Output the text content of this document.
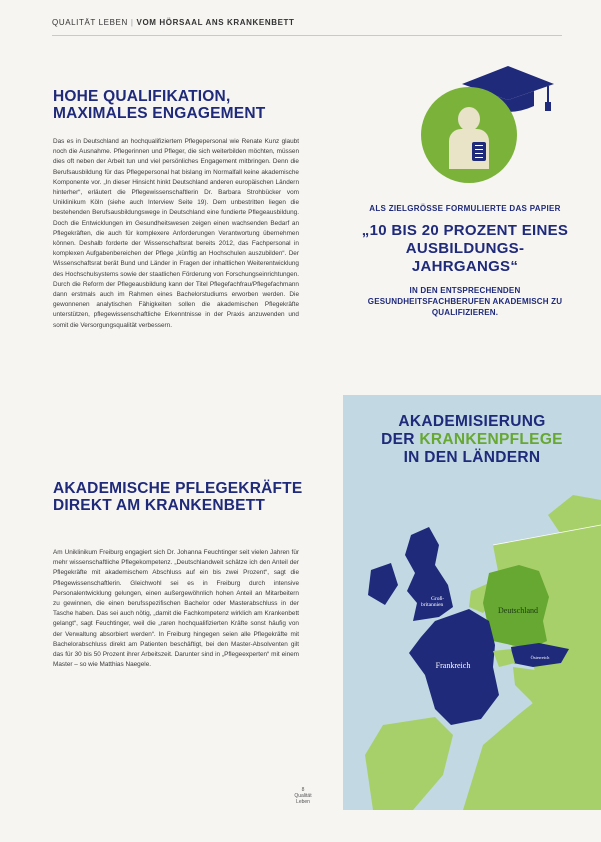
QUALITÄT LEBEN | VOM HÖRSAAL ANS KRANKENBETT
HOHE QUALIFIKATION, MAXIMALES ENGAGEMENT
Das es in Deutschland an hochqualifiziertem Pflegepersonal wie Renate Kunz glaubt noch die Ausnahme. Pflegerinnen und Pfleger, die sich weiterbilden möchten, müssen dies oft neben der Arbeit tun und viel persönliches Engagement mitbringen. Denn die Berufsausbildung für das Pflegepersonal hat bislang im Normalfall keine akademische Komponente vor. „In dieser Hinsicht hinkt Deutschland anderen europäischen Ländern hinterher“, erläutert die Pflegewissenschaftlerin Dr. Barbara Strohbücker vom Uniklinikum Köln (siehe auch Interview Seite 19). Dem unbestritten liegen die bestehenden Berufsausbildungswege in Deutschland eine fundierte Pflegeausbildung. Doch die Entwicklungen im Gesundheitswesen zeigen einen wachsenden Bedarf an Pflegekräften, die auch für komplexere Anforderungen Verantwortung übernehmen können. Deshalb forderte der Wissenschaftsrat bereits 2012, das Fachpersonal in komplexen Aufgabenbereichen der Pflege „künftig an Hochschulen auszubilden“. Der Wissenschaftsrat berät Bund und Länder in Fragen der inhaltlichen Weiterentwicklung des Hochschulsystems sowie der staatlichen Förderung von Forschungseinrichtungen. Durch die Reform der Pflegeausbildung kann der Titel Pflegefachfrau/Pflegefachmann dann erstmals auch im Rahmen eines Bachelorstudiums erworben werden. Die gewonnenen analytischen Fähigkeiten sollen die akademischen Pflegekräfte unterstützen, pflegewissenschaftliche Erkenntnisse in der Praxis anzuwenden und somit die Versorgungsqualität verbessern.
AKADEMISCHE PFLEGEKRÄFTE DIREKT AM KRANKENBETT
Am Uniklinikum Freiburg engagiert sich Dr. Johanna Feuchtinger seit vielen Jahren für mehr wissenschaftliche Pflegekompetenz. „Deutschlandweit schätze ich den Anteil der Pflegekräfte mit akademischem Abschluss auf ein bis zwei Prozent“, sagt die Pflegewissenschaftlerin. Gleichwohl sei es in Freiburg durch intensive Personalentwicklung gelungen, einen außergewöhnlich hohen Anteil an Mitarbeitern zu gewinnen, die einen berufsspezifischen Bachelor oder Masterabschluss in der Tasche haben. Das sei auch nötig, „damit die Fachkompetenz wirklich am Krankenbett gelangt“, sagt Feuchtinger, weil die „raren hochqualifizierten Kräfte sonst häufig von der Verwaltung absorbiert werden“. In Freiburg hingegen seien alle Pflegekräfte mit Bachelorabschluss direkt am Patienten beschäftigt, bei den Master-Absolventen gilt das für 30 bis 50 Prozent ihrer Arbeitszeit. Darunter sind in „Pflegeexperten“ mit einem Master – so wie Matthias Naegele.
ALS ZIELGRÖSSE FORMULIERTE DAS PAPIER
„10 BIS 20 PROZENT EINES AUSBILDUNGS-JAHRGANGS“
IN DEN ENTSPRECHENDEN GESUNDHEITSFACHBERUFEN AKADEMISCH ZU QUALIFIZIEREN.
Groß-britannien
Deutschland
Frankreich
Österreich
AKADEMISIERUNG
DER KRANKENPFLEGE
IN DEN LÄNDERN
8
Qualität Leben
